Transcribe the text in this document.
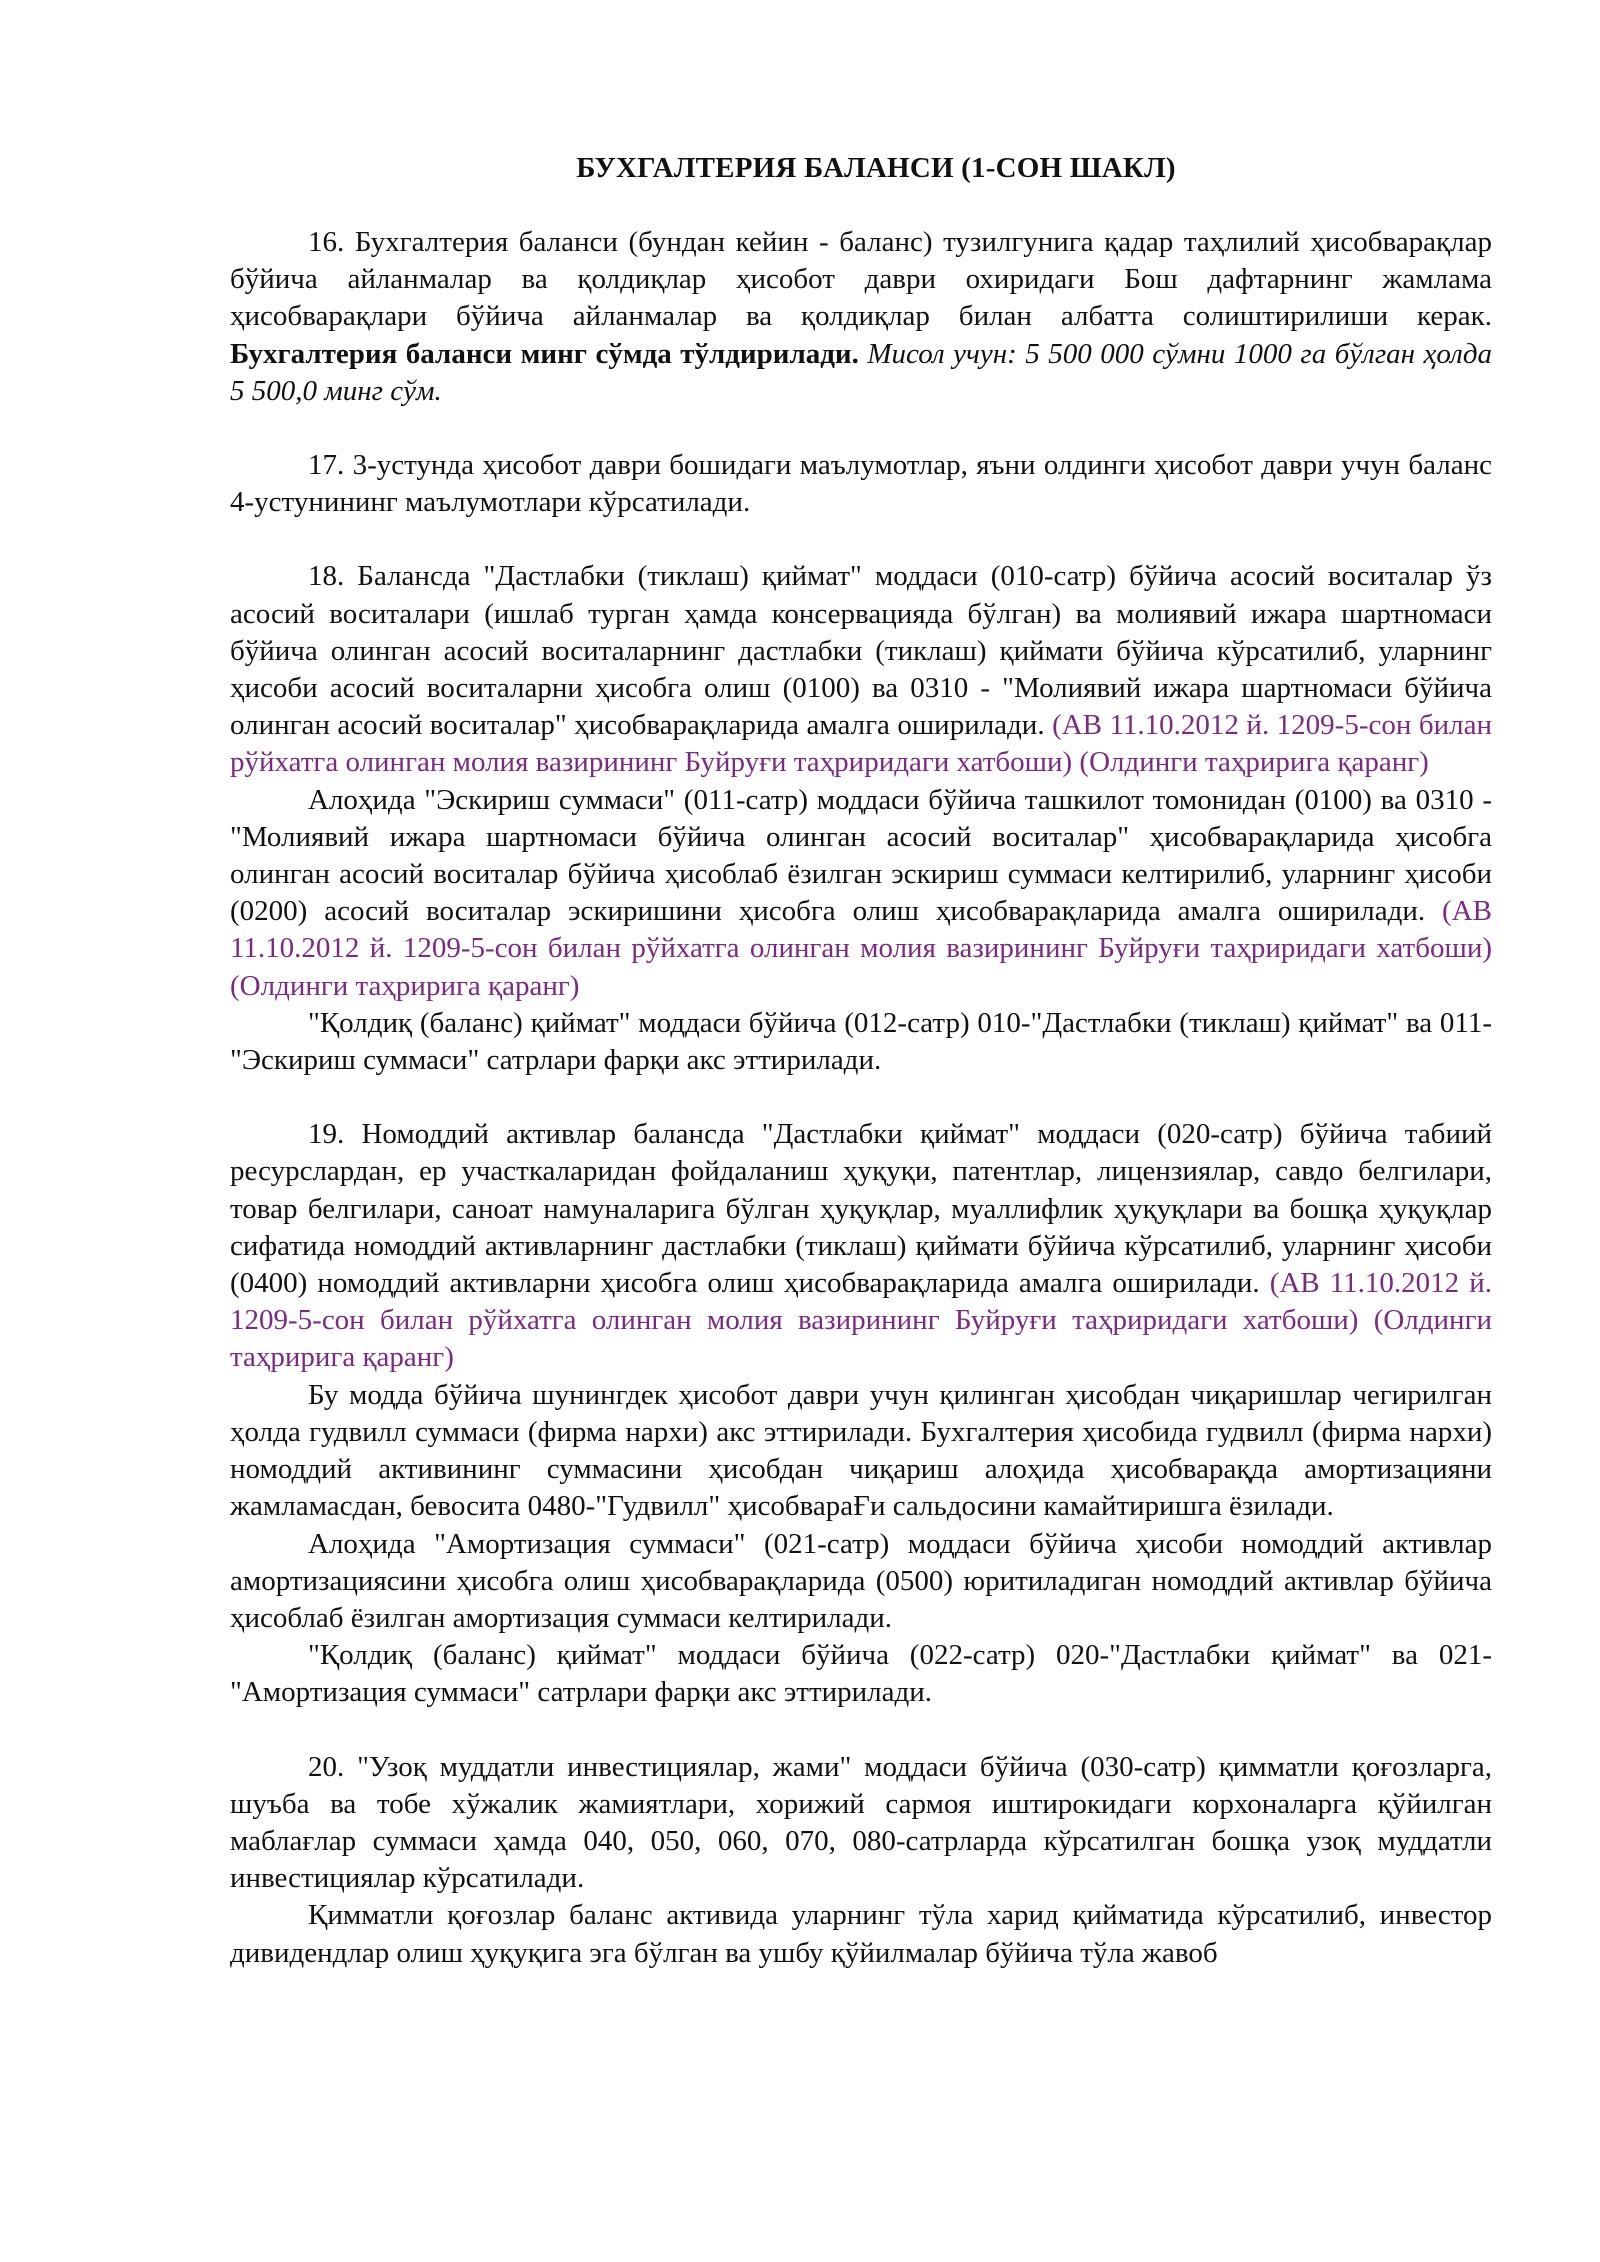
БУХГАЛТЕРИЯ БАЛАНСИ (1-СОН ШАКЛ)

16. Бухгалтерия баланси (бундан кейин - баланс) тузилгунига қадар таҳлилий ҳисобварақлар бўйича айланмалар ва қолдиқлар ҳисобот даври охиридаги Бош дафтарнинг жамлама ҳисобварақлари бўйича айланмалар ва қолдиқлар билан албатта солиштирилиши керак. Бухгалтерия баланси минг сўмда тўлдирилади. Мисол учун: 5 500 000 сўмни 1000 га бўлган ҳолда 5 500,0 минг сўм.

17. 3-устунда ҳисобот даври бошидаги маълумотлар, яъни олдинги ҳисобот даври учун баланс 4-устунининг маълумотлари кўрсатилади.

18. Балансда "Дастлабки (тиклаш) қиймат" моддаси (010-сатр) бўйича асосий воситалар ўз асосий воситалари (ишлаб турган ҳамда консервацияда бўлган) ва молиявий ижара шартномаси бўйича олинган асосий воситаларнинг дастлабки (тиклаш) қиймати бўйича кўрсатилиб, уларнинг ҳисоби асосий воситаларни ҳисобга олиш (0100) ва 0310 - "Молиявий ижара шартномаси бўйича олинган асосий воситалар" ҳисобварақларида амалга оширилади. (АВ 11.10.2012 й. 1209-5-сон билан рўйхатга олинган молия вазирининг Буйруғи таҳриридаги хатбоши) (Олдинги таҳририга қаранг)

Алоҳида "Эскириш суммаси" (011-сатр) моддаси бўйича ташкилот томонидан (0100) ва 0310 - "Молиявий ижара шартномаси бўйича олинган асосий воситалар" ҳисобварақларида ҳисобга олинган асосий воситалар бўйича ҳисоблаб ёзилган эскириш суммаси келтирилиб, уларнинг ҳисоби (0200) асосий воситалар эскиришини ҳисобга олиш ҳисобварақларида амалга оширилади. (АВ 11.10.2012 й. 1209-5-сон билан рўйхатга олинган молия вазирининг Буйруғи таҳриридаги хатбоши) (Олдинги таҳририга қаранг)

"Қолдиқ (баланс) қиймат" моддаси бўйича (012-сатр) 010-"Дастлабки (тиклаш) қиймат" ва 011-"Эскириш суммаси" сатрлари фарқи акс эттирилади.

19. Номоддий активлар балансда "Дастлабки қиймат" моддаси (020-сатр) бўйича табиий ресурслардан, ер участкаларидан фойдаланиш ҳуқуқи, патентлар, лицензиялар, савдо белгилари, товар белгилари, саноат намуналарига бўлган ҳуқуқлар, муаллифлик ҳуқуқлари ва бошқа ҳуқуқлар сифатида номоддий активларнинг дастлабки (тиклаш) қиймати бўйича кўрсатилиб, уларнинг ҳисоби (0400) номоддий активларни ҳисобга олиш ҳисобварақларида амалга оширилади. (АВ 11.10.2012 й. 1209-5-сон билан рўйхатга олинган молия вазирининг Буйруғи таҳриридаги хатбоши) (Олдинги таҳририга қаранг)

Бу модда бўйича шунингдек ҳисобот даври учун қилинган ҳисобдан чиқаришлар чегирилган ҳолда гудвилл суммаси (фирма нархи) акс эттирилади. Бухгалтерия ҳисобида гудвилл (фирма нархи) номоддий активининг суммасини ҳисобдан чиқариш алоҳида ҳисобварақда амортизацияни жамламасдан, бевосита 0480-"Гудвилл" ҳисобвараҒи сальдосини камайтиришга ёзилади.

Алоҳида "Амортизация суммаси" (021-сатр) моддаси бўйича ҳисоби номоддий активлар амортизациясини ҳисобга олиш ҳисобварақларида (0500) юритиладиган номоддий активлар бўйича ҳисоблаб ёзилган амортизация суммаси келтирилади.

"Қолдиқ (баланс) қиймат" моддаси бўйича (022-сатр) 020-"Дастлабки қиймат" ва 021-"Амортизация суммаси" сатрлари фарқи акс эттирилади.

20. "Узоқ муддатли инвестициялар, жами" моддаси бўйича (030-сатр) қимматли қоғозларга, шуъба ва тобе хўжалик жамиятлари, хорижий сармоя иштирокидаги корхоналарга қўйилган маблағлар суммаси ҳамда 040, 050, 060, 070, 080-сатрларда кўрсатилган бошқа узоқ муддатли инвестициялар кўрсатилади.

Қимматли қоғозлар баланс активида уларнинг тўла харид қийматида кўрсатилиб, инвестор дивидендлар олиш ҳуқуқига эга бўлган ва ушбу қўйилмалар бўйича тўла жавоб
